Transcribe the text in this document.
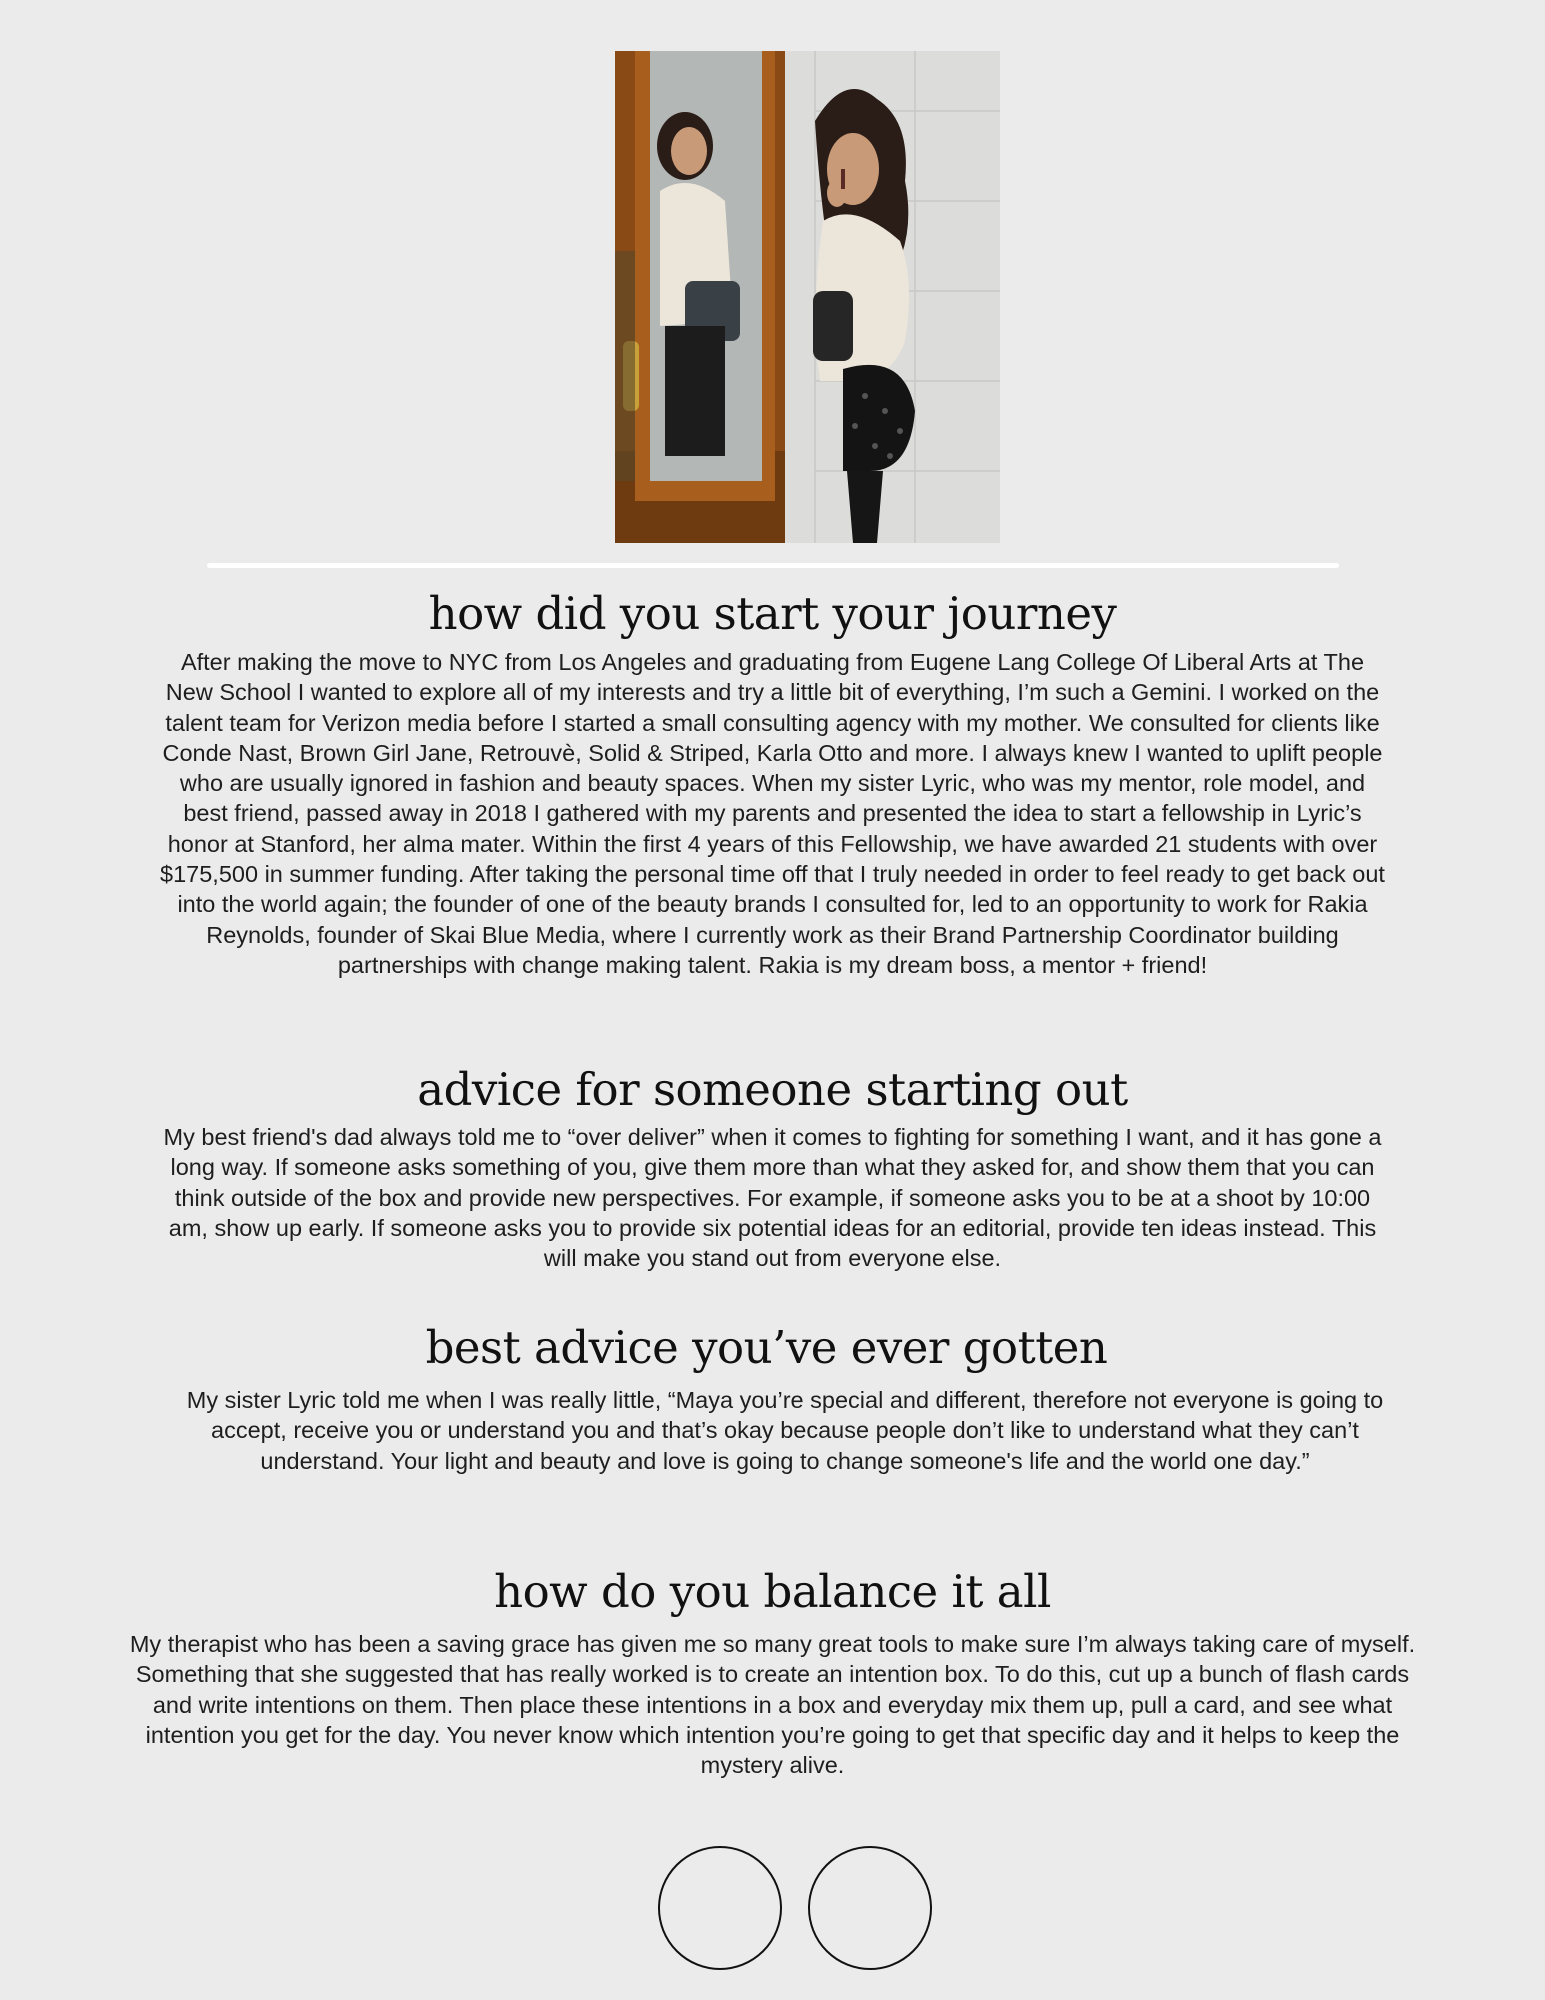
how did you start your journey

After making the move to NYC from Los Angeles and graduating from Eugene Lang College Of Liberal Arts at The New School I wanted to explore all of my interests and try a little bit of everything, I’m such a Gemini. I worked on the talent team for Verizon media before I started a small consulting agency with my mother. We consulted for clients like Conde Nast, Brown Girl Jane, Retrouvè, Solid & Striped, Karla Otto and more. I always knew I wanted to uplift people who are usually ignored in fashion and beauty spaces. When my sister Lyric, who was my mentor, role model, and best friend, passed away in 2018 I gathered with my parents and presented the idea to start a fellowship in Lyric’s honor at Stanford, her alma mater. Within the first 4 years of this Fellowship, we have awarded 21 students with over $175,500 in summer funding. After taking the personal time off that I truly needed in order to feel ready to get back out into the world again; the founder of one of the beauty brands I consulted for, led to an opportunity to work for Rakia Reynolds, founder of Skai Blue Media, where I currently work as their Brand Partnership Coordinator building partnerships with change making talent. Rakia is my dream boss, a mentor + friend!

advice for someone starting out

My best friend's dad always told me to “over deliver” when it comes to fighting for something I want, and it has gone a long way. If someone asks something of you, give them more than what they asked for, and show them that you can think outside of the box and provide new perspectives. For example, if someone asks you to be at a shoot by 10:00 am, show up early. If someone asks you to provide six potential ideas for an editorial, provide ten ideas instead. This will make you stand out from everyone else.

best advice you’ve ever gotten

My sister Lyric told me when I was really little, “Maya you’re special and different, therefore not everyone is going to accept, receive you or understand you and that’s okay because people don’t like to understand what they can’t understand. Your light and beauty and love is going to change someone's life and the world one day.”

how do you balance it all

My therapist who has been a saving grace has given me so many great tools to make sure I’m always taking care of myself. Something that she suggested that has really worked is to create an intention box. To do this, cut up a bunch of flash cards and write intentions on them. Then place these intentions in a box and everyday mix them up, pull a card, and see what intention you get for the day. You never know which intention you’re going to get that specific day and it helps to keep the mystery alive.
